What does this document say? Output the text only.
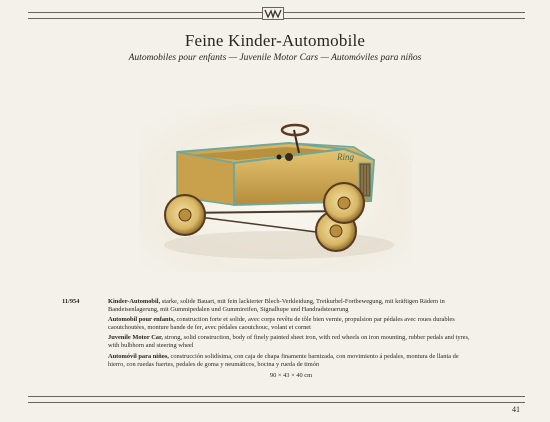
Feine Kinder-Automobile
Automobiles pour enfants — Juvenile Motor Cars — Automóviles para niños
Ring
11/954	Kinder-Automobil, starke, solide Bauart, mit fein lackierter Blech-Verkleidung, Tretkurbel-Fortbewegung, mit kräftigen Rädern in Bandeisenlagerung, mit Gummipedalen und Gummireifen, Signalhupe und Handradsteuerung
Automobil pour enfants, construction forte et solide, avec corps revêtu de tôle bien vernie, propulsion par pédales avec roues durables caoutchoutées, monture bande de fer, avec pédales caoutchouc, volant et cornet
Juvenile Motor Car, strong, solid construction, body of finely painted sheet iron, with red wheels on iron mounting, rubber pedals and tyres, with bulbhorn and steering wheel
Automóvil para niños, construcción solidísima, con caja de chapa finamente barnizada, con movimiento á pedales, montura de llanta de hierro, con ruedas fuertes, pedales de goma y neumáticos, bocina y rueda de timón
90 × 43 × 40 cm
41
